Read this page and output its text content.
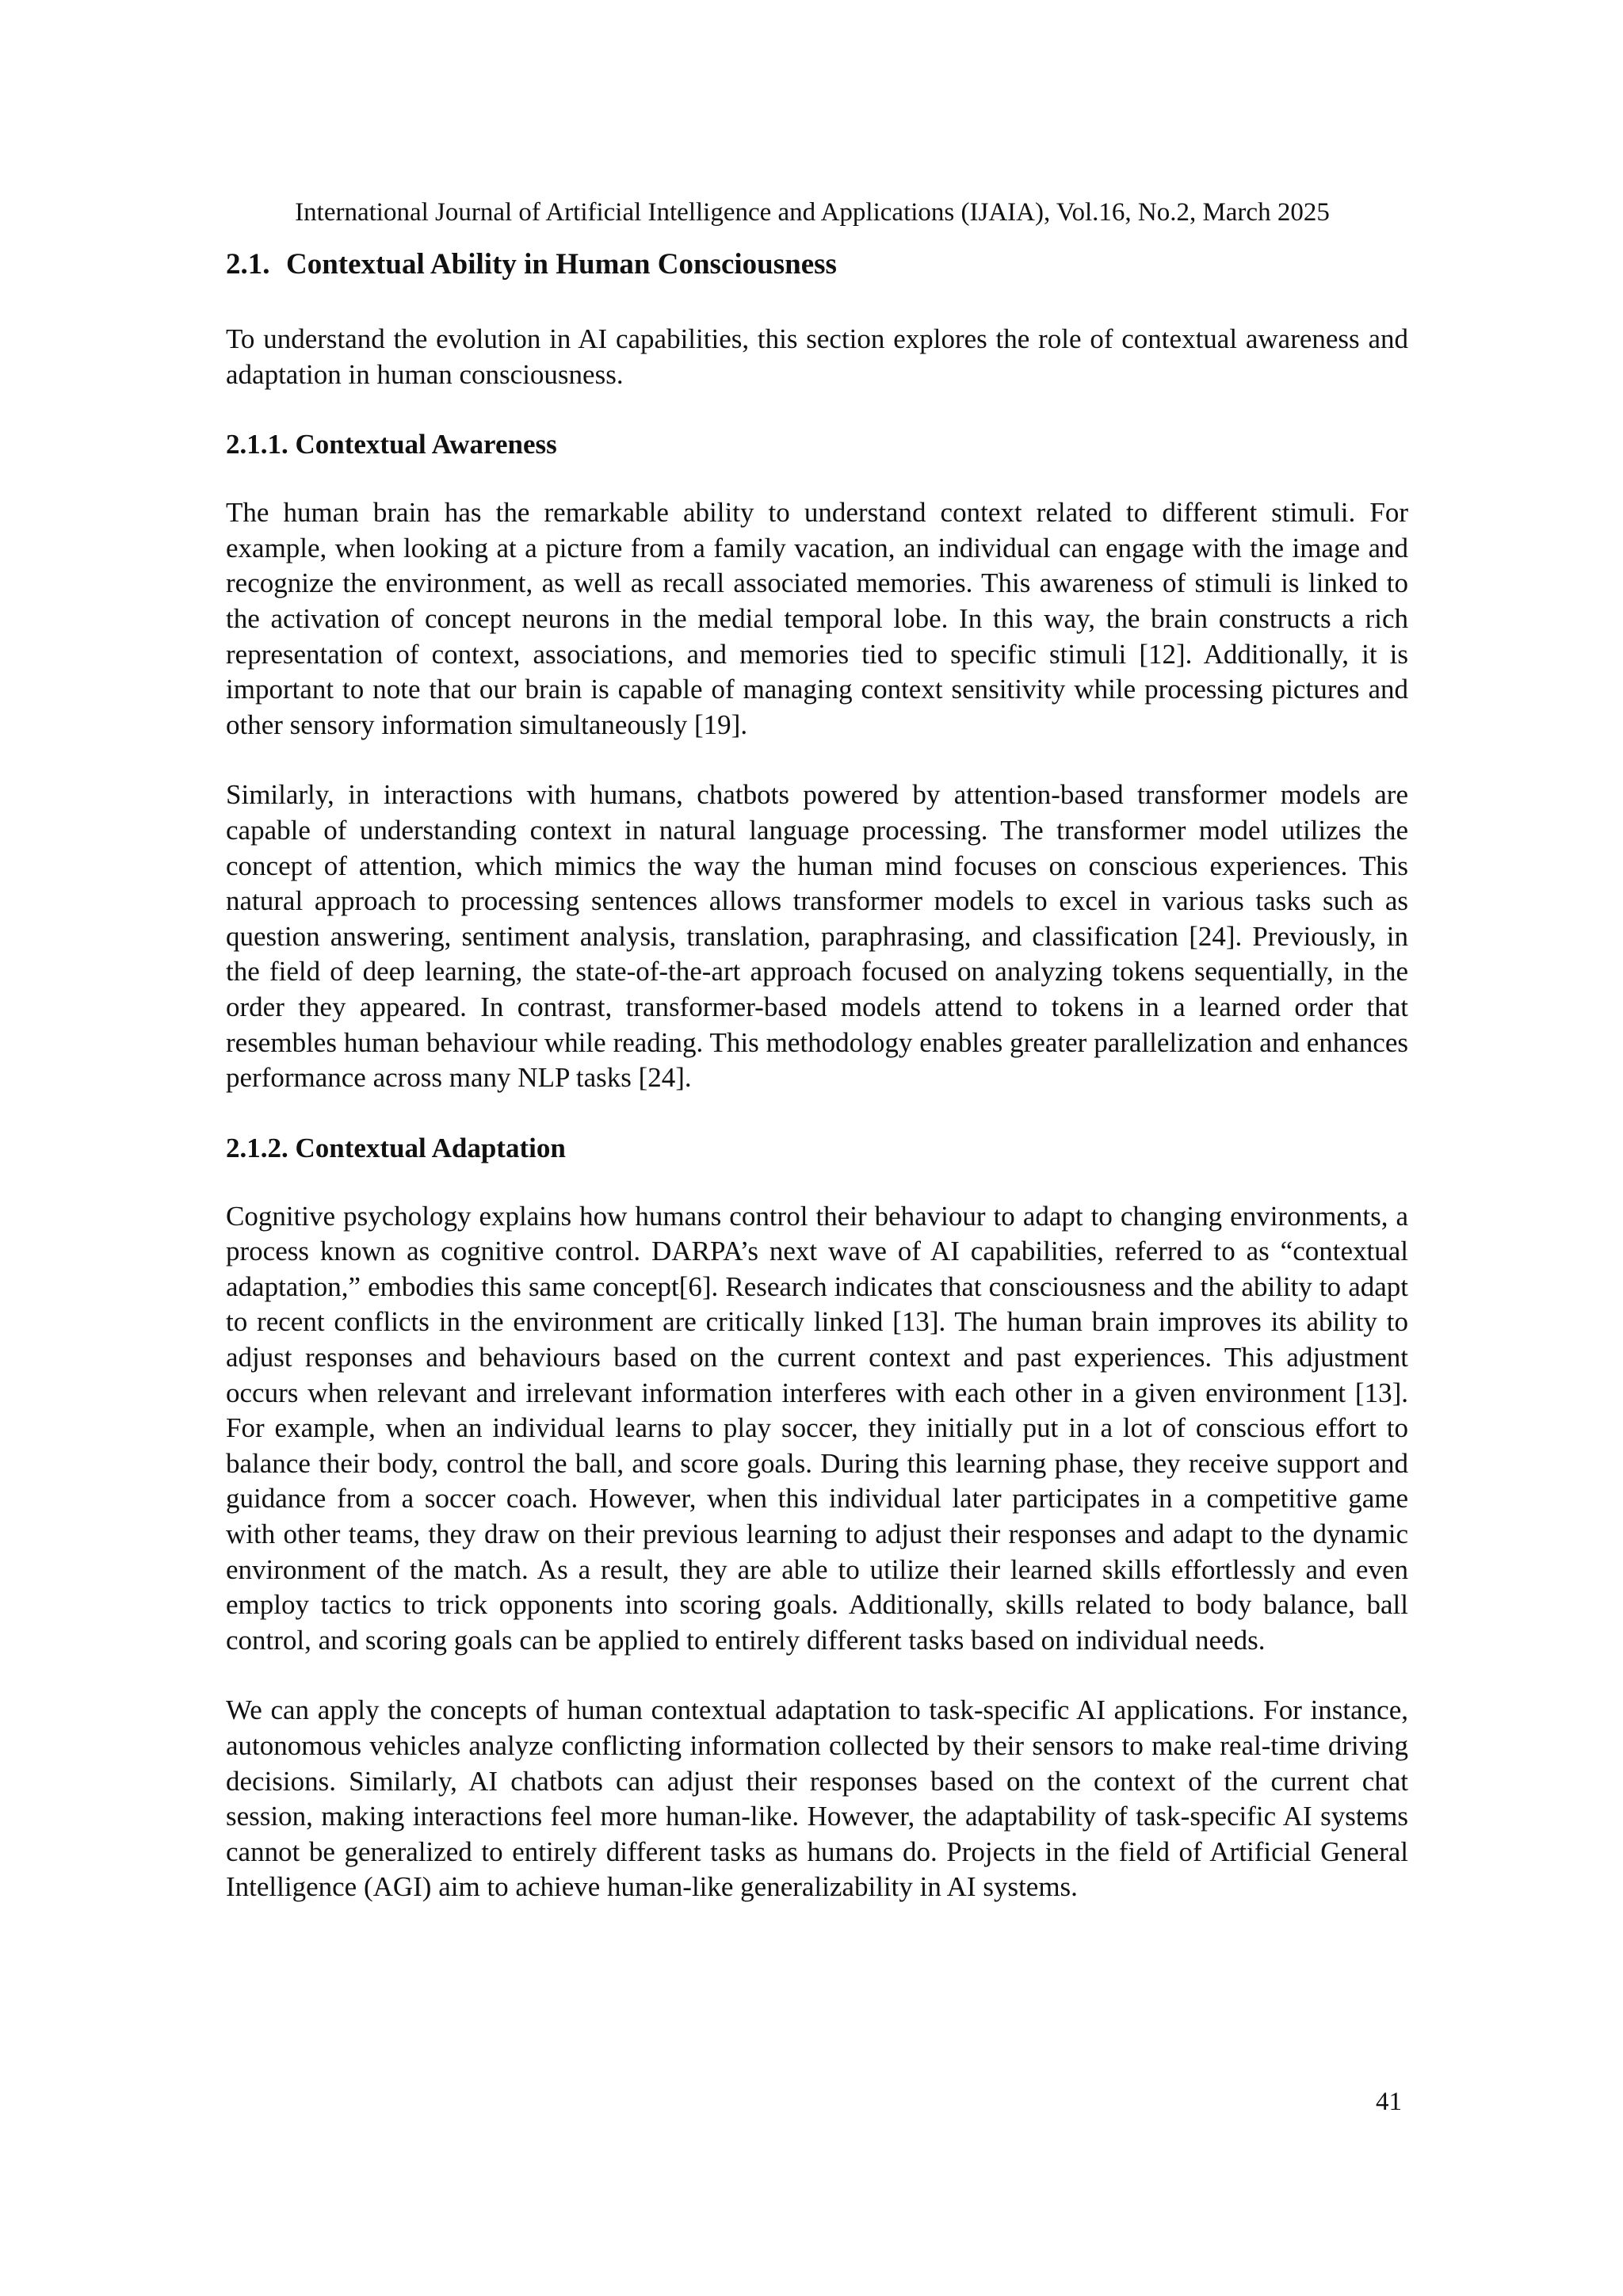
International Journal of Artificial Intelligence and Applications (IJAIA), Vol.16, No.2, March 2025
2.1. Contextual Ability in Human Consciousness

To understand the evolution in AI capabilities, this section explores the role of contextual awareness and adaptation in human consciousness.

2.1.1. Contextual Awareness

The human brain has the remarkable ability to understand context related to different stimuli. For example, when looking at a picture from a family vacation, an individual can engage with the image and recognize the environment, as well as recall associated memories. This awareness of stimuli is linked to the activation of concept neurons in the medial temporal lobe. In this way, the brain constructs a rich representation of context, associations, and memories tied to specific stimuli [12]. Additionally, it is important to note that our brain is capable of managing context sensitivity while processing pictures and other sensory information simultaneously [19].

Similarly, in interactions with humans, chatbots powered by attention-based transformer models are capable of understanding context in natural language processing. The transformer model utilizes the concept of attention, which mimics the way the human mind focuses on conscious experiences. This natural approach to processing sentences allows transformer models to excel in various tasks such as question answering, sentiment analysis, translation, paraphrasing, and classification [24]. Previously, in the field of deep learning, the state-of-the-art approach focused on analyzing tokens sequentially, in the order they appeared. In contrast, transformer-based models attend to tokens in a learned order that resembles human behaviour while reading. This methodology enables greater parallelization and enhances performance across many NLP tasks [24].

2.1.2. Contextual Adaptation

Cognitive psychology explains how humans control their behaviour to adapt to changing environments, a process known as cognitive control. DARPA’s next wave of AI capabilities, referred to as “contextual adaptation,” embodies this same concept[6]. Research indicates that consciousness and the ability to adapt to recent conflicts in the environment are critically linked [13]. The human brain improves its ability to adjust responses and behaviours based on the current context and past experiences. This adjustment occurs when relevant and irrelevant information interferes with each other in a given environment [13]. For example, when an individual learns to play soccer, they initially put in a lot of conscious effort to balance their body, control the ball, and score goals. During this learning phase, they receive support and guidance from a soccer coach. However, when this individual later participates in a competitive game with other teams, they draw on their previous learning to adjust their responses and adapt to the dynamic environment of the match. As a result, they are able to utilize their learned skills effortlessly and even employ tactics to trick opponents into scoring goals. Additionally, skills related to body balance, ball control, and scoring goals can be applied to entirely different tasks based on individual needs.

We can apply the concepts of human contextual adaptation to task-specific AI applications. For instance, autonomous vehicles analyze conflicting information collected by their sensors to make real-time driving decisions. Similarly, AI chatbots can adjust their responses based on the context of the current chat session, making interactions feel more human-like. However, the adaptability of task-specific AI systems cannot be generalized to entirely different tasks as humans do. Projects in the field of Artificial General Intelligence (AGI) aim to achieve human-like generalizability in AI systems.

41
